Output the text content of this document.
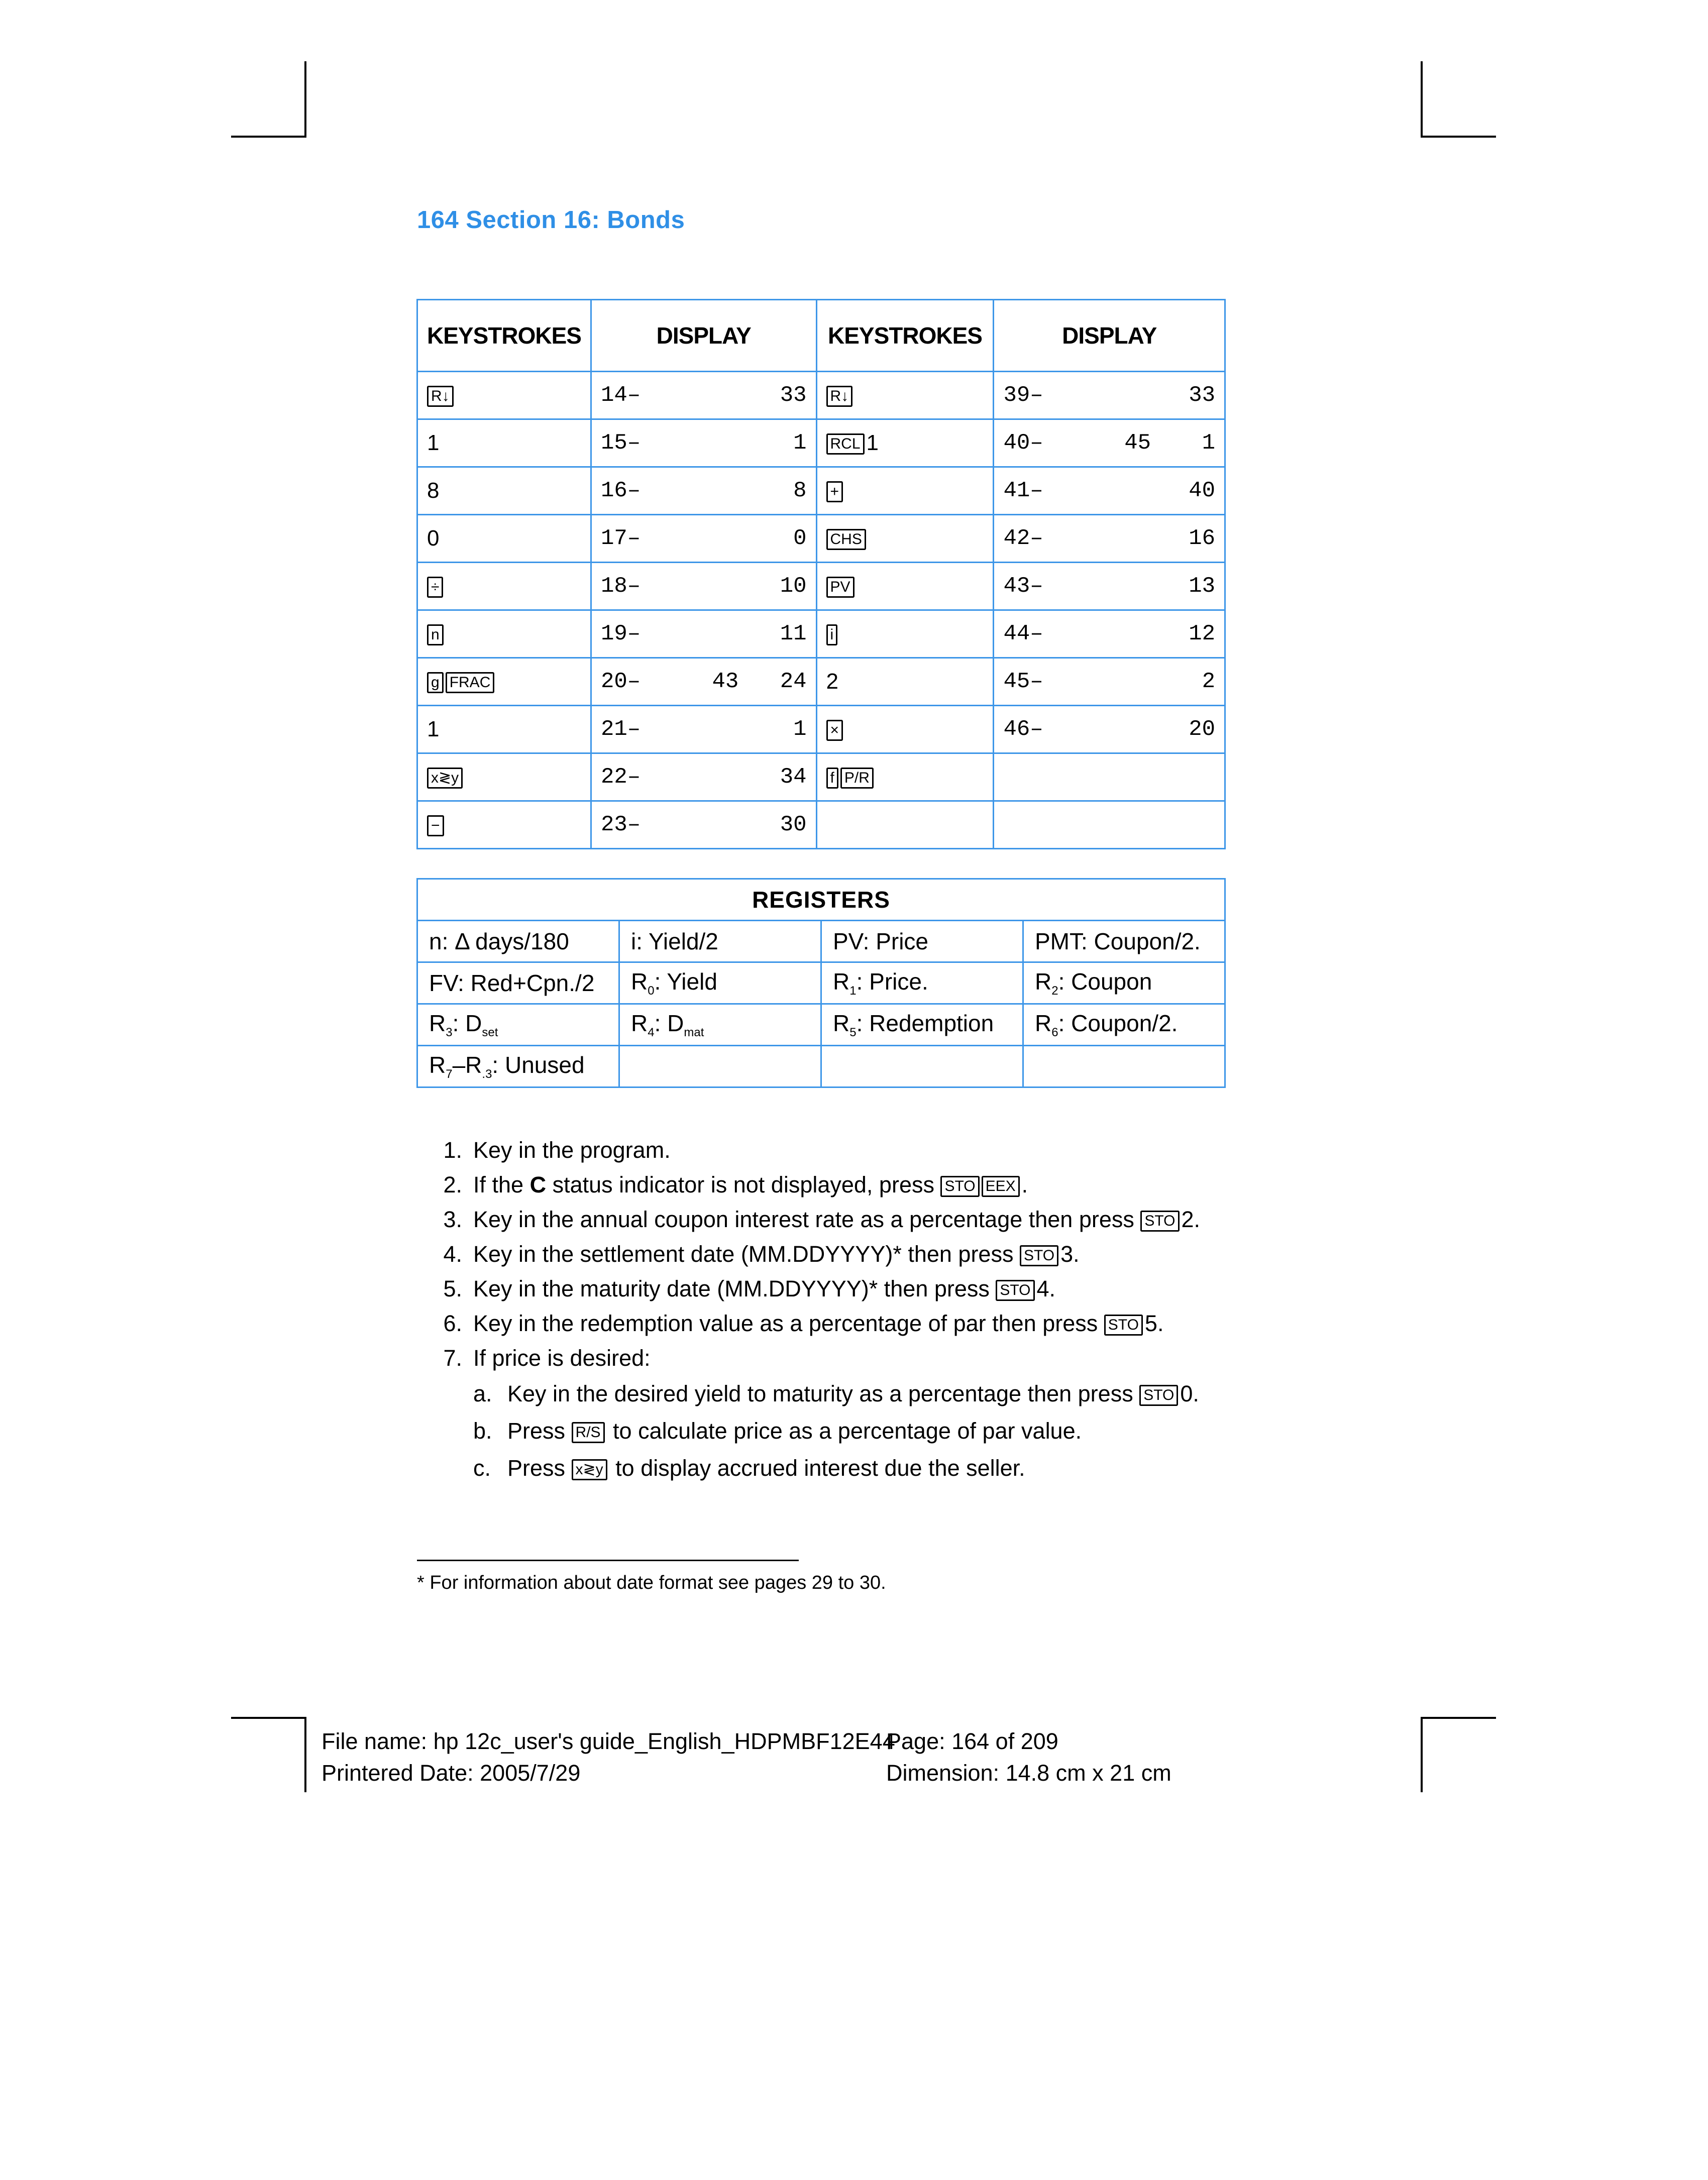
164 Section 16: Bonds
KEYSTROKES	DISPLAY	KEYSTROKES	DISPLAY
R↓	14– 33	R↓	39– 33

1	15– 1	RCL 1	40– 45 1

8	16– 8	+	41– 40

0	17– 0	CHS	42– 16

÷	18– 10	PV	43– 13

n	19– 11	i	44– 12

g FRAC	20– 43 24	2	45– 2

1	21– 1	×	46– 20

x≷y	22– 34	f P/R	
−	23– 30		

REGISTERS			
n: Δ days/180	i: Yield/2	PV: Price	PMT: Coupon/2.
FV: Red+Cpn./2	$R_0$: Yield	$R_1$: Price.	$R_2$: Coupon
$R_3$: $D_{set}$	$R_4$: $D_{mat}$	$R_5$: Redemption	$R_6$: Coupon/2.
$R_7-R_{.3}$: Unused			
1. Key in the program.
2. If the C status indicator is not displayed, press STO EEX .
3. Key in the annual coupon interest rate as a percentage then press STO 2.
4. Key in the settlement date (MM.DDYYYY)* then press STO 3.
5. Key in the maturity date (MM.DDYYYY)* then press STO 4.
6. Key in the redemption value as a percentage of par then press STO 5.
7. If price is desired:
a. Key in the desired yield to maturity as a percentage then press STO 0.
b. Press R/S to calculate price as a percentage of par value.
c. Press x≷y to display accrued interest due the seller.
* For information about date format see pages 29 to 30.
File name: hp 12c_user's guide_English_HDPMBF12E44
Printered Date: 2005/7/29
Page: 164 of 209
Dimension: 14.8 cm x 21 cm
